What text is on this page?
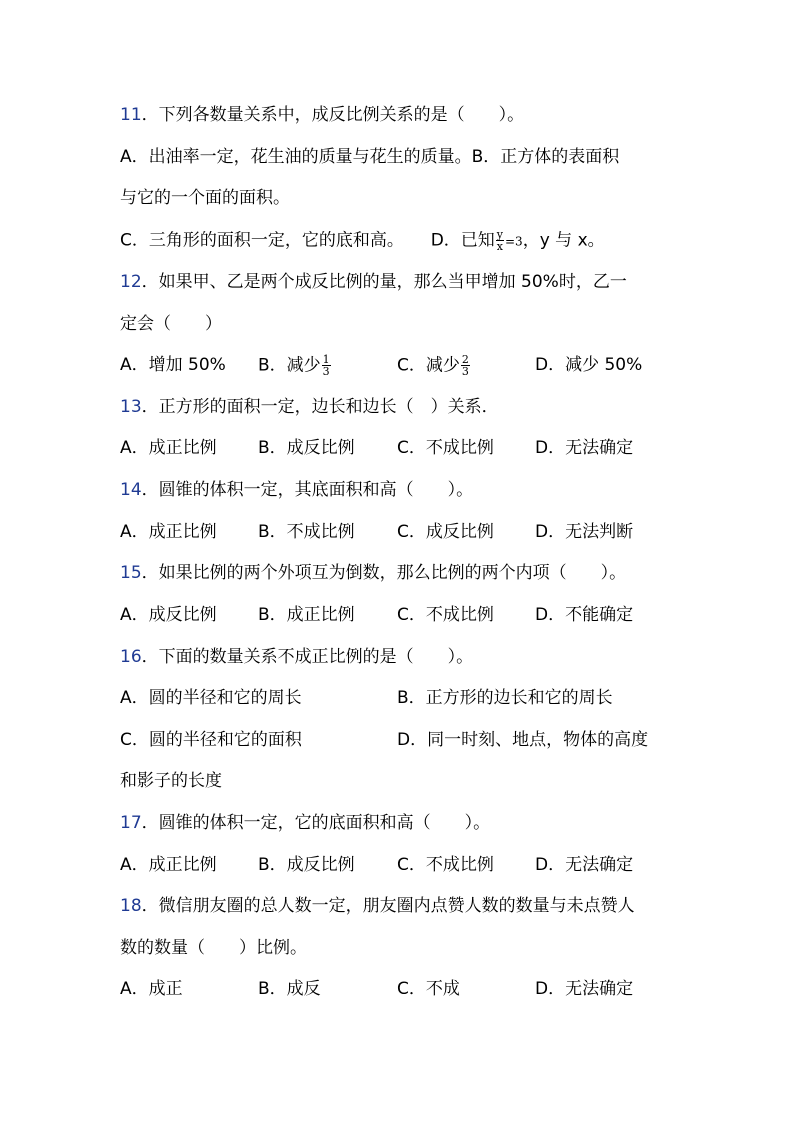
11．下列各数量关系中，成反比例关系的是（　　）。
A．出油率一定，花生油的质量与花生的质量。B．正方体的表面积
与它的一个面的面积。
C．三角形的面积一定，它的底和高。 D．已知 $\frac{y}{x} =3$，y 与 x。
12．如果甲、乙是两个成反比例的量，那么当甲增加 50%时，乙一
定会（　　）
A．增加 50% B．减少 $\frac{1}{3}$	C．减少 $\frac{2}{3}$	D．减少 50%
13．正方形的面积一定，边长和边长（　）关系．
A．成正比例 B．成反比例 C．不成比例 D．无法确定
14．圆锥的体积一定，其底面积和高（　　）。
A．成正比例 B．不成比例 C．成反比例 D．无法判断
15．如果比例的两个外项互为倒数，那么比例的两个内项（　　）。
A．成反比例 B．成正比例 C．不成比例 D．不能确定
16．下面的数量关系不成正比例的是（　　）。
A．圆的半径和它的周长	B．正方形的边长和它的周长
C．圆的半径和它的面积	D．同一时刻、地点，物体的高度
和影子的长度
17．圆锥的体积一定，它的底面积和高（　　）。
A．成正比例 B．成反比例 C．不成比例 D．无法确定
18．微信朋友圈的总人数一定，朋友圈内点赞人数的数量与未点赞人
数的数量（　　）比例。
A．成正	B．成反	C．不成	D．无法确定
